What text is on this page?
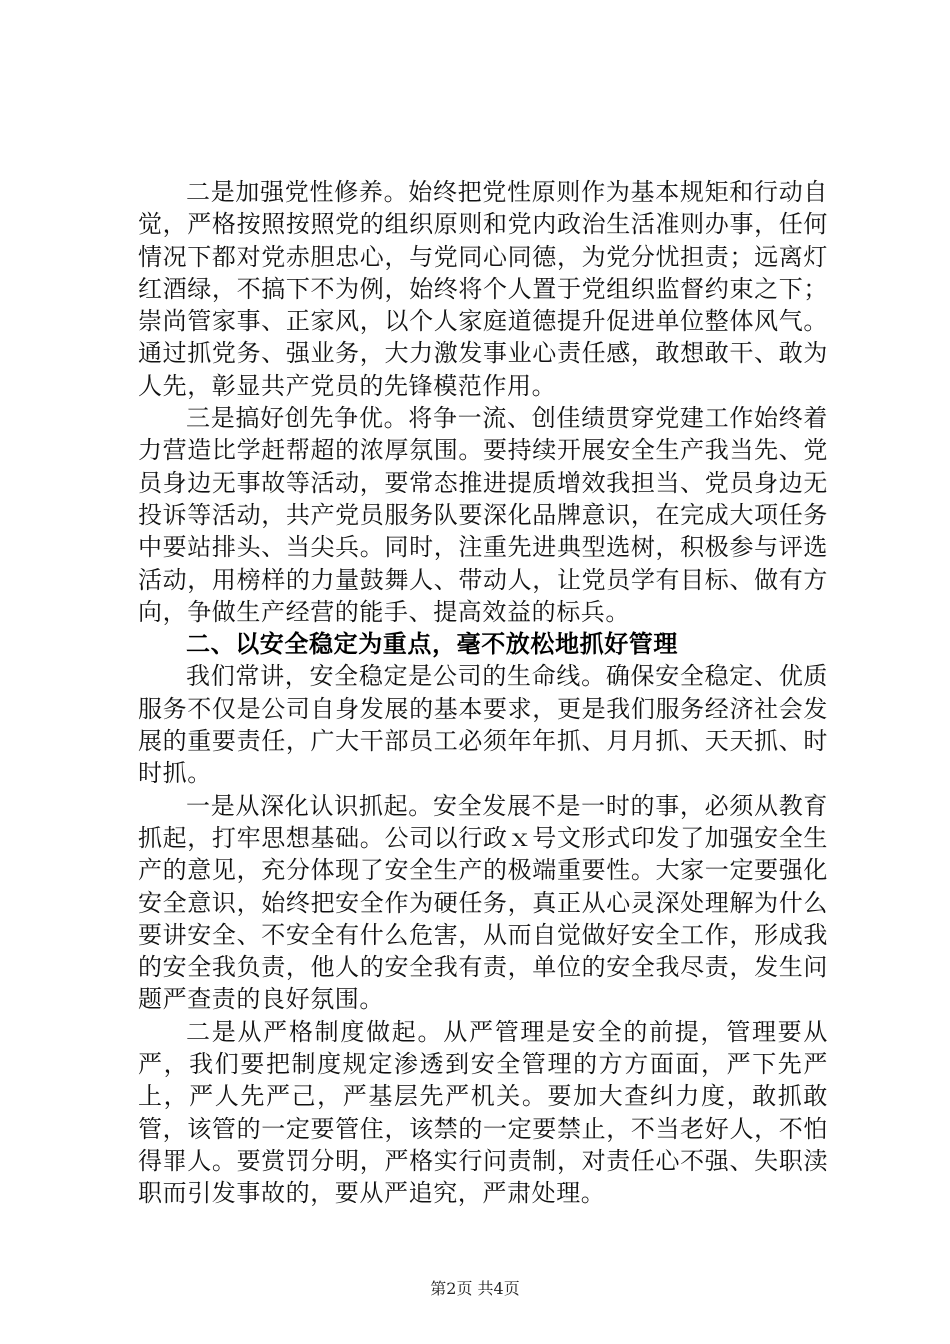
二是加强党性修养。始终把党性原则作为基本规矩和行动自觉，严格按照按照党的组织原则和党内政治生活准则办事，任何情况下都对党赤胆忠心，与党同心同德，为党分忧担责；远离灯红酒绿，不搞下不为例，始终将个人置于党组织监督约束之下；崇尚管家事、正家风，以个人家庭道德提升促进单位整体风气。通过抓党务、强业务，大力激发事业心责任感，敢想敢干、敢为人先，彰显共产党员的先锋模范作用。

三是搞好创先争优。将争一流、创佳绩贯穿党建工作始终着力营造比学赶帮超的浓厚氛围。要持续开展安全生产我当先、党员身边无事故等活动，要常态推进提质增效我担当、党员身边无投诉等活动，共产党员服务队要深化品牌意识，在完成大项任务中要站排头、当尖兵。同时，注重先进典型选树，积极参与评选活动，用榜样的力量鼓舞人、带动人，让党员学有目标、做有方向，争做生产经营的能手、提高效益的标兵。

二、以安全稳定为重点，毫不放松地抓好管理

我们常讲，安全稳定是公司的生命线。确保安全稳定、优质服务不仅是公司自身发展的基本要求，更是我们服务经济社会发展的重要责任，广大干部员工必须年年抓、月月抓、天天抓、时时抓。

一是从深化认识抓起。安全发展不是一时的事，必须从教育抓起，打牢思想基础。公司以行政ｘ号文形式印发了加强安全生产的意见，充分体现了安全生产的极端重要性。大家一定要强化安全意识，始终把安全作为硬任务，真正从心灵深处理解为什么要讲安全、不安全有什么危害，从而自觉做好安全工作，形成我的安全我负责，他人的安全我有责，单位的安全我尽责，发生问题严查责的良好氛围。

二是从严格制度做起。从严管理是安全的前提，管理要从严，我们要把制度规定渗透到安全管理的方方面面，严下先严上，严人先严己，严基层先严机关。要加大查纠力度，敢抓敢管，该管的一定要管住，该禁的一定要禁止，不当老好人，不怕得罪人。要赏罚分明，严格实行问责制，对责任心不强、失职渎职而引发事故的，要从严追究，严肃处理。

第2页 共4页
